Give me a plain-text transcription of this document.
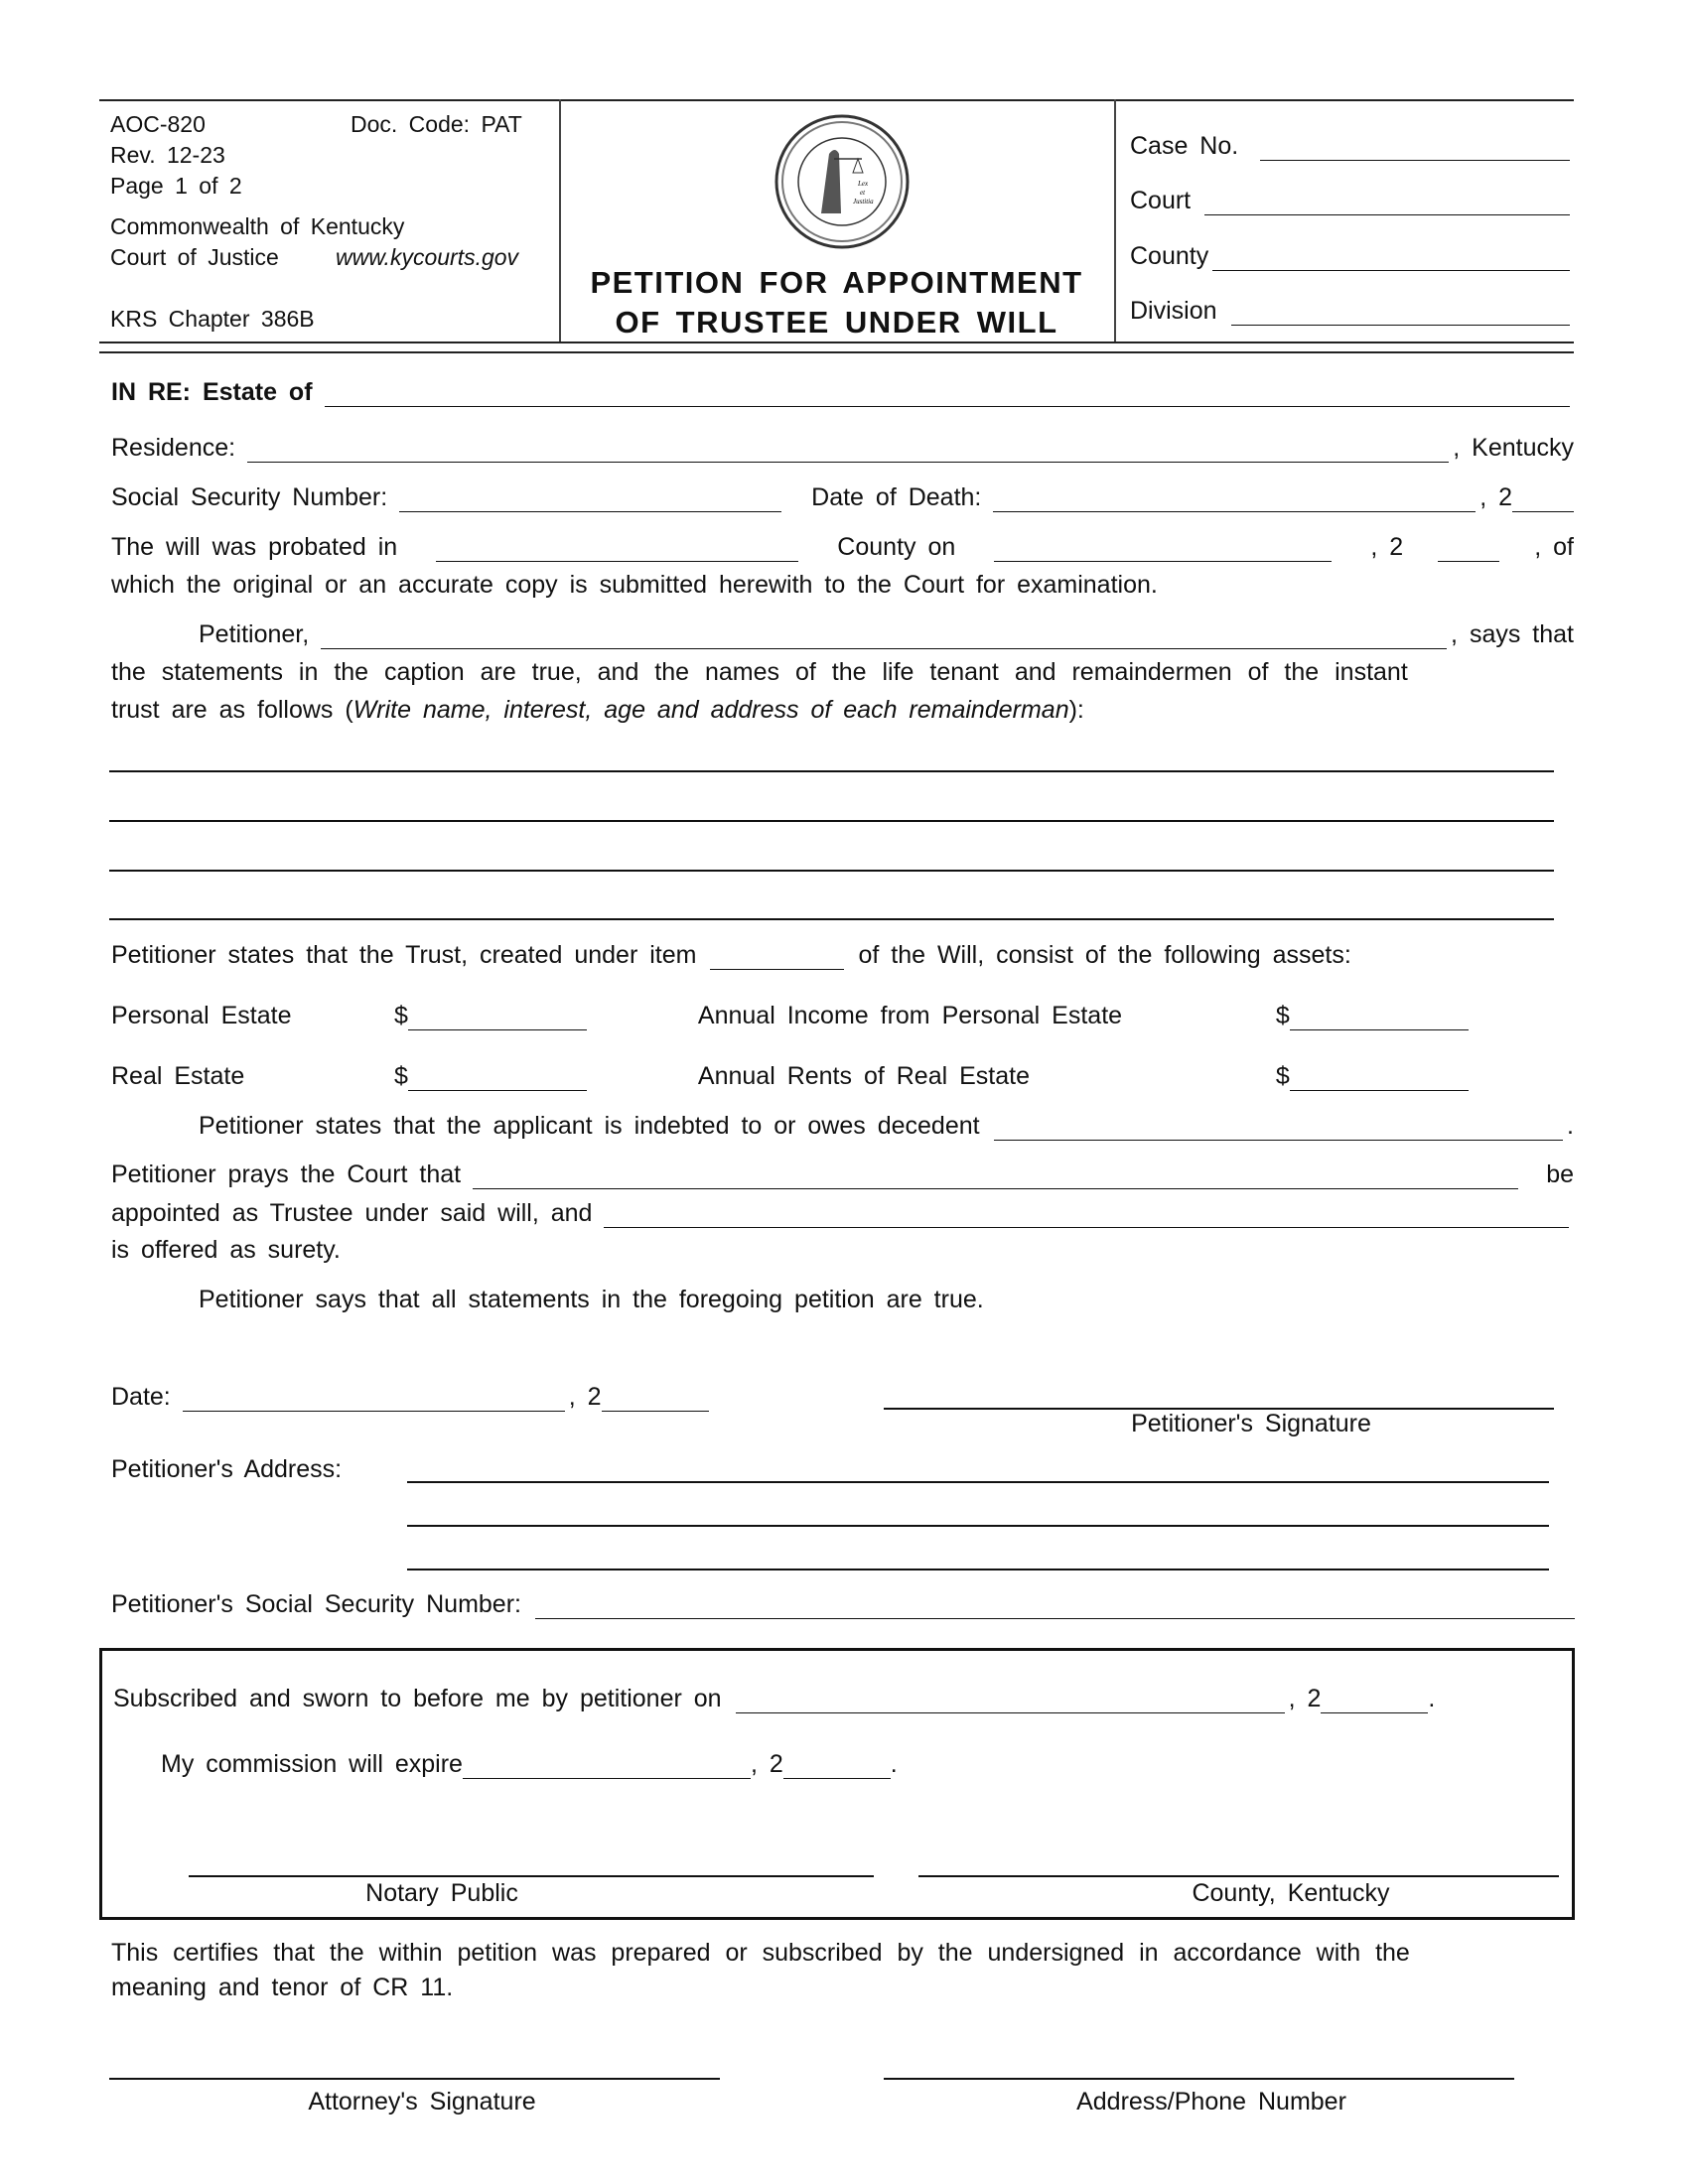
AOC-820
Rev. 12-23
Page 1 of 2
Doc. Code: PAT
Commonwealth of Kentucky
Court of Justice www.kycourts.gov
KRS Chapter 386B
Lex
et
Justitia
PETITION FOR APPOINTMENT
OF TRUSTEE UNDER WILL
Case No.
Court
County
Division
IN RE: Estate of
Residence:	, Kentucky
Social Security Number:	Date of Death:	, 2
The will was probated in	County on	, 2	, of
which the original or an accurate copy is submitted herewith to the Court for examination.
Petitioner,	, says that
the statements in the caption are true, and the names of the life tenant and remaindermen of the instant
trust are as follows ( Write name, interest, age and address of each remainderman ):
Petitioner states that the Trust, created under item	of the Will, consist of the following assets:
Personal Estate	$	Annual Income from Personal Estate	$
Real Estate	$	Annual Rents of Real Estate	$
Petitioner states that the applicant is indebted to or owes decedent	.
Petitioner prays the Court that	be
appointed as Trustee under said will, and
is offered as surety.
Petitioner says that all statements in the foregoing petition are true.
Date:	, 2
Petitioner's Signature
Petitioner's Address:
Petitioner's Social Security Number:
Subscribed and sworn to before me by petitioner on	, 2	.
My commission will expire	, 2	.
Notary Public	County, Kentucky
This certifies that the within petition was prepared or subscribed by the undersigned in accordance with the
meaning and tenor of CR 11.
Attorney's Signature	Address/Phone Number
